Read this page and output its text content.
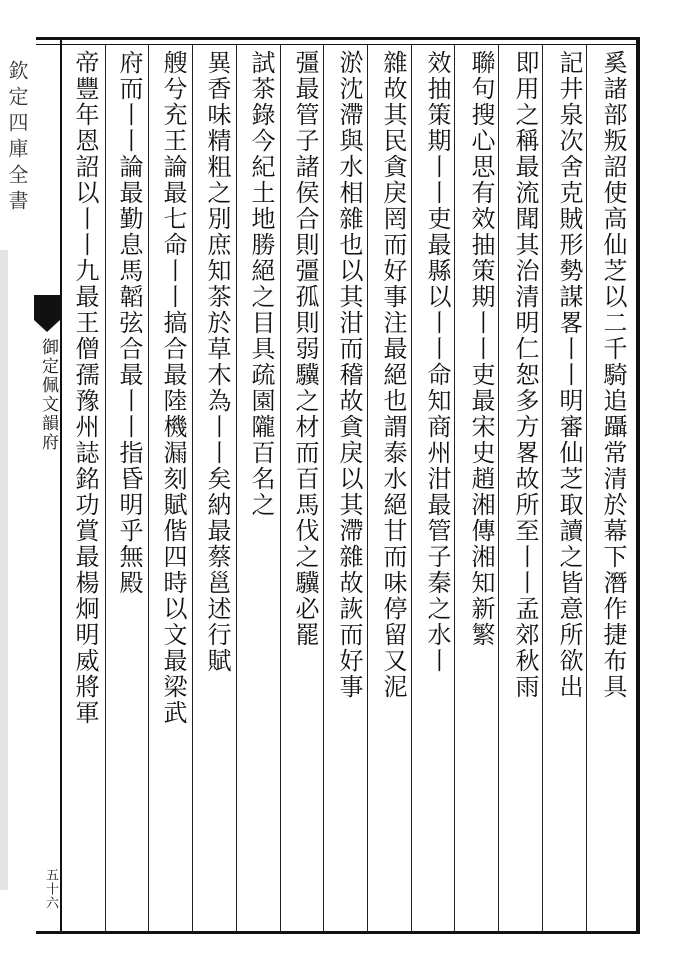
欽定四庫全書
御定佩文韻府
五十六
奚諸部叛詔使高仙芝以二千騎追躡常清於幕下潛作捷布具
記井泉次舍克賊形勢謀畧丨丨明審仙芝取讀之皆意所欲出
即用之稱最流聞其治清明仁恕多方畧故所至丨丨孟郊秋雨
聯句搜心思有效抽策期丨丨吏最宋史趙湘傳湘知新繁
效抽策期丨丨吏最縣以丨丨命知商州泔最管子秦之水丨
雜故其民貪戾罔而好事注最絕也謂泰水絕甘而味停留又泥
淤沈滯與水相雜也以其泔而稽故貪戾以其滯雜故詼而好事
彊最管子諸侯合則彊孤則弱驥之材而百馬伐之驥必罷
試茶錄今紀土地勝絕之目具疏園隴百名之
異香味精粗之別庶知茶於草木為丨丨矣納最蔡邕述行賦
艘兮充王論最七命丨丨搞合最陸機漏刻賦偕四時以文最梁武
府而丨丨論最勤息馬韜弦合最丨丨指昏明乎無殿
帝豐年恩詔以丨丨九最王僧孺豫州誌銘功賞最楊炯明威將軍
